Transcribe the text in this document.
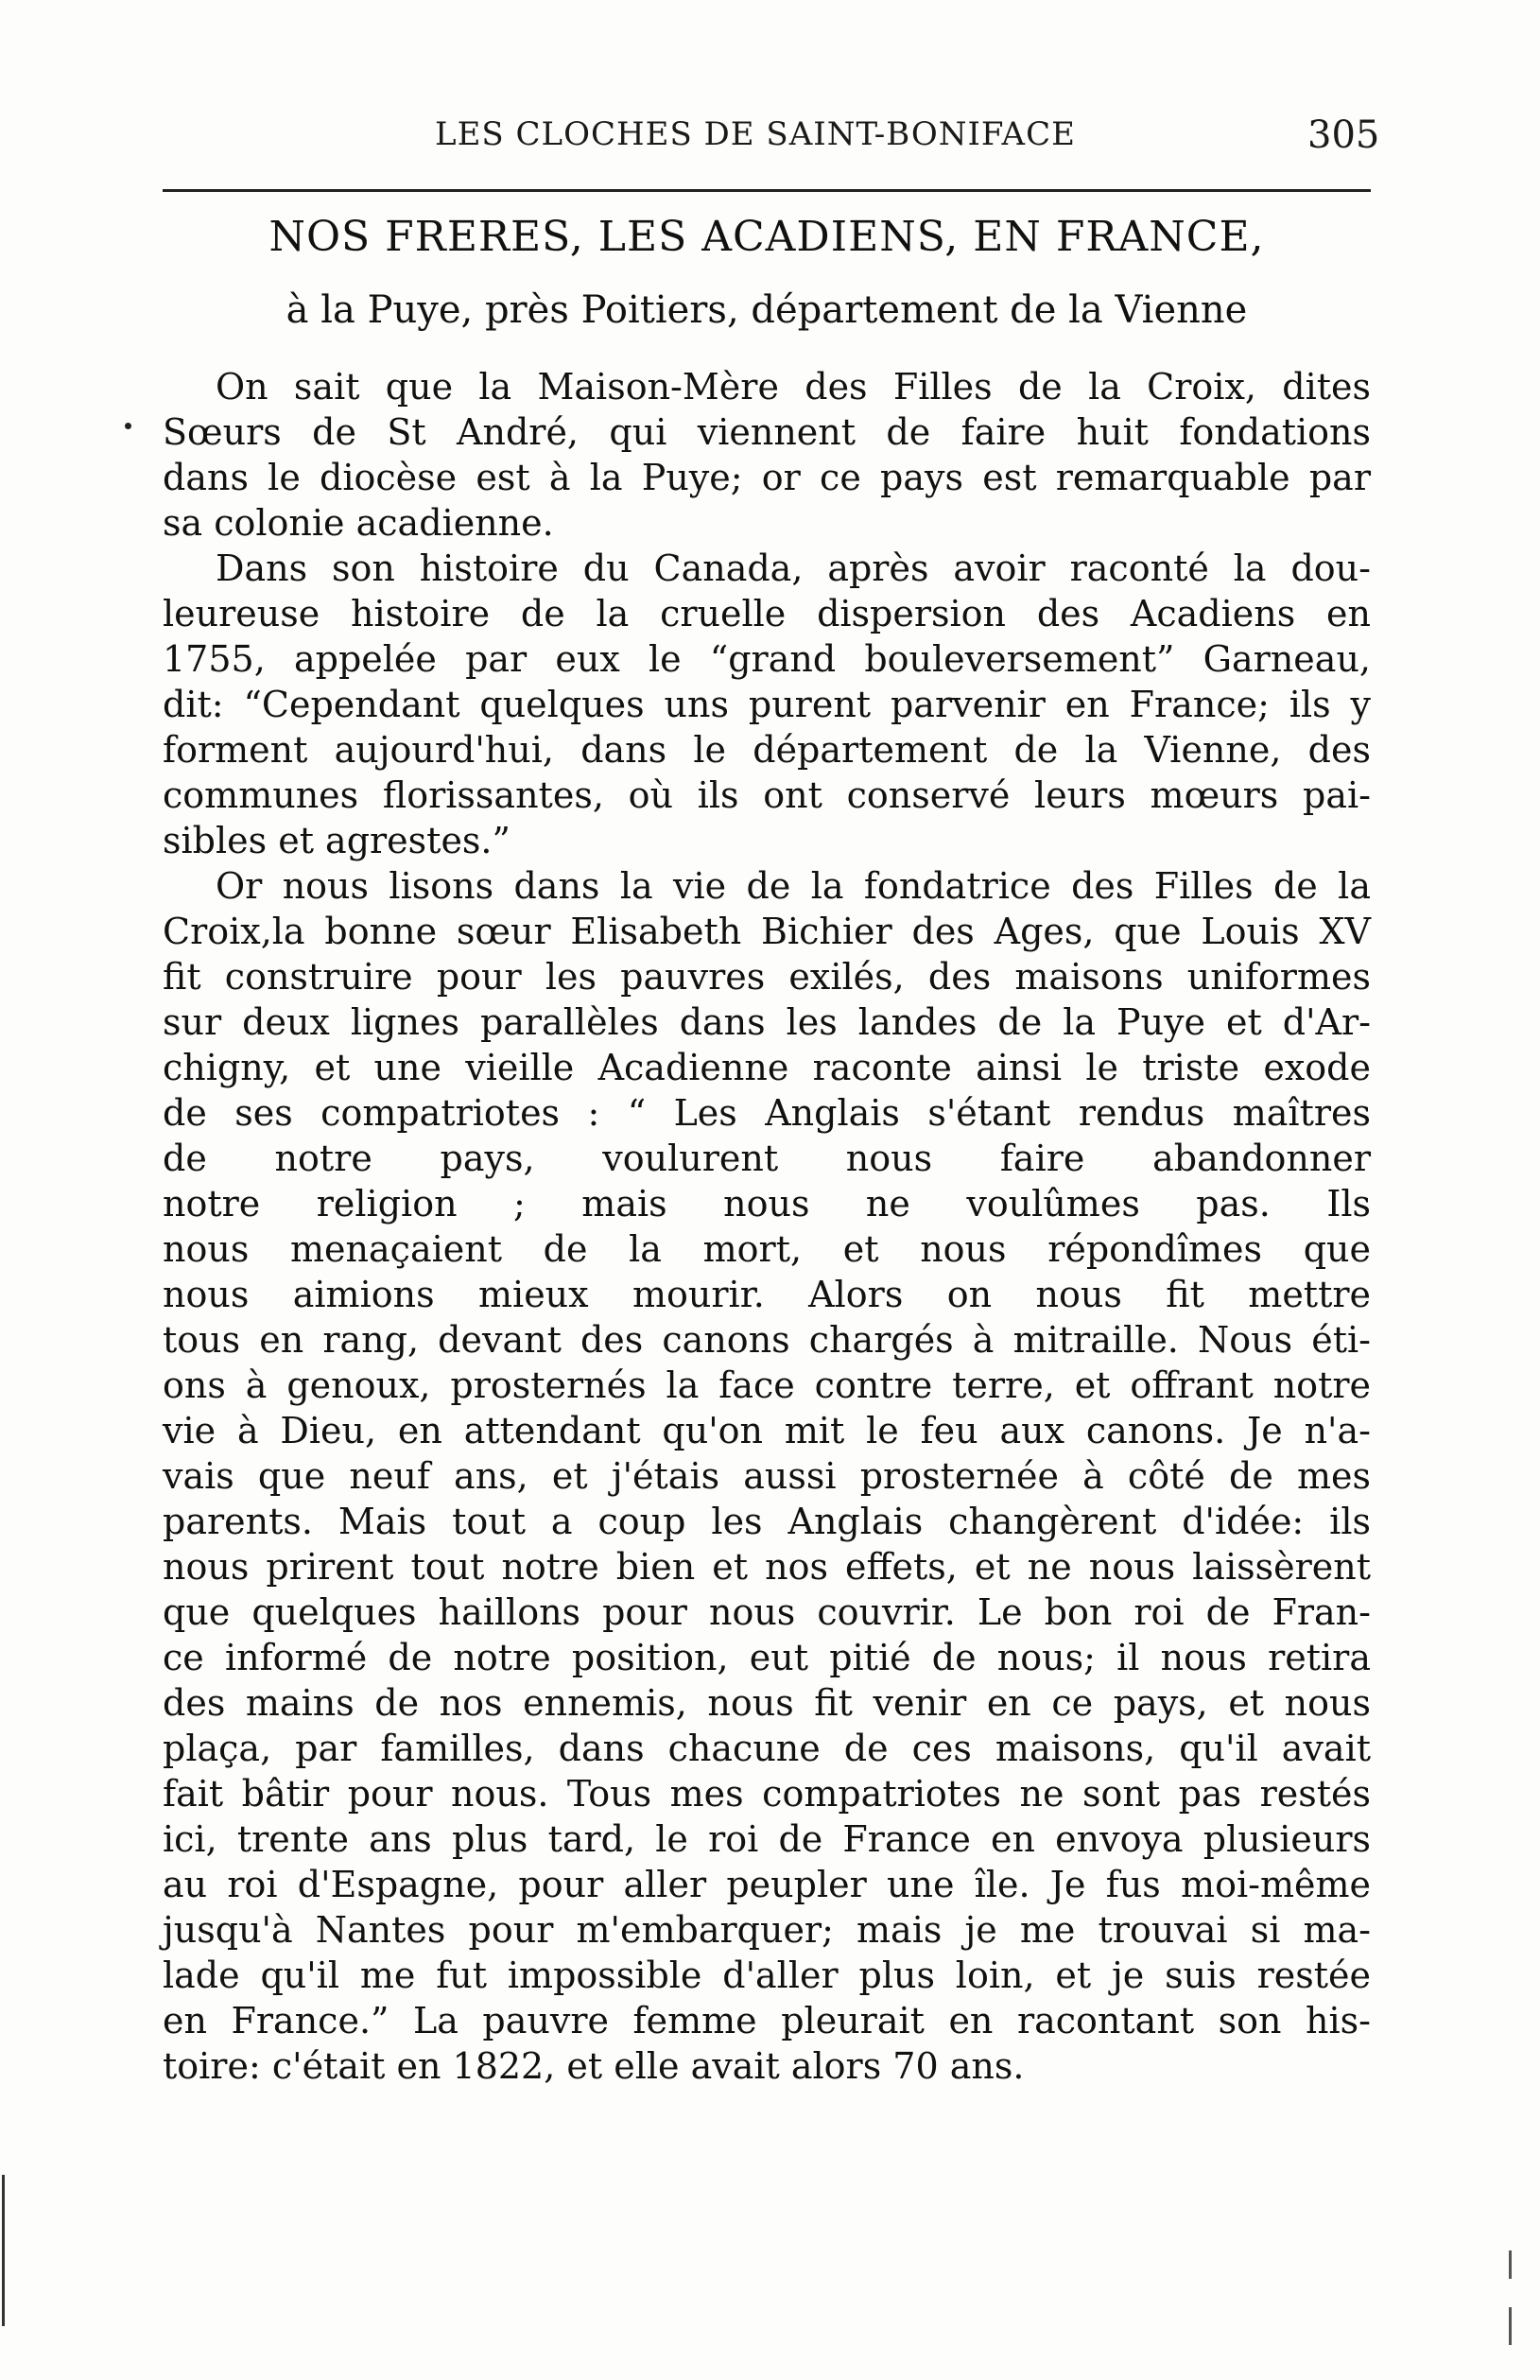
LES CLOCHES DE SAINT-BONIFACE	305
NOS FRERES, LES ACADIENS, EN FRANCE,
à la Puye, près Poitiers, département de la Vienne
On sait que la Maison-Mère des Filles de la Croix, dites
Sœurs de St André, qui viennent de faire huit fondations
dans le diocèse est à la Puye; or ce pays est remarquable par
sa colonie acadienne.
Dans son histoire du Canada, après avoir raconté la dou-
leureuse histoire de la cruelle dispersion des Acadiens en
1755, appelée par eux le “grand bouleversement” Garneau,
dit: “Cependant quelques uns purent parvenir en France; ils y
forment aujourd'hui, dans le département de la Vienne, des
communes florissantes, où ils ont conservé leurs mœurs pai-
sibles et agrestes.”
Or nous lisons dans la vie de la fondatrice des Filles de la
Croix,la bonne sœur Elisabeth Bichier des Ages, que Louis XV
fit construire pour les pauvres exilés, des maisons uniformes
sur deux lignes parallèles dans les landes de la Puye et d'Ar-
chigny, et une vieille Acadienne raconte ainsi le triste exode
de ses compatriotes : “ Les Anglais s'étant rendus maîtres
de notre pays, voulurent nous faire abandonner
notre religion ; mais nous ne voulûmes pas. Ils
nous menaçaient de la mort, et nous répondîmes que
nous aimions mieux mourir. Alors on nous fit mettre
tous en rang, devant des canons chargés à mitraille. Nous éti-
ons à genoux, prosternés la face contre terre, et offrant notre
vie à Dieu, en attendant qu'on mit le feu aux canons. Je n'a-
vais que neuf ans, et j'étais aussi prosternée à côté de mes
parents. Mais tout a coup les Anglais changèrent d'idée: ils
nous prirent tout notre bien et nos effets, et ne nous laissèrent
que quelques haillons pour nous couvrir. Le bon roi de Fran-
ce informé de notre position, eut pitié de nous; il nous retira
des mains de nos ennemis, nous fit venir en ce pays, et nous
plaça, par familles, dans chacune de ces maisons, qu'il avait
fait bâtir pour nous. Tous mes compatriotes ne sont pas restés
ici, trente ans plus tard, le roi de France en envoya plusieurs
au roi d'Espagne, pour aller peupler une île. Je fus moi-même
jusqu'à Nantes pour m'embarquer; mais je me trouvai si ma-
lade qu'il me fut impossible d'aller plus loin, et je suis restée
en France.” La pauvre femme pleurait en racontant son his-
toire: c'était en 1822, et elle avait alors 70 ans.
